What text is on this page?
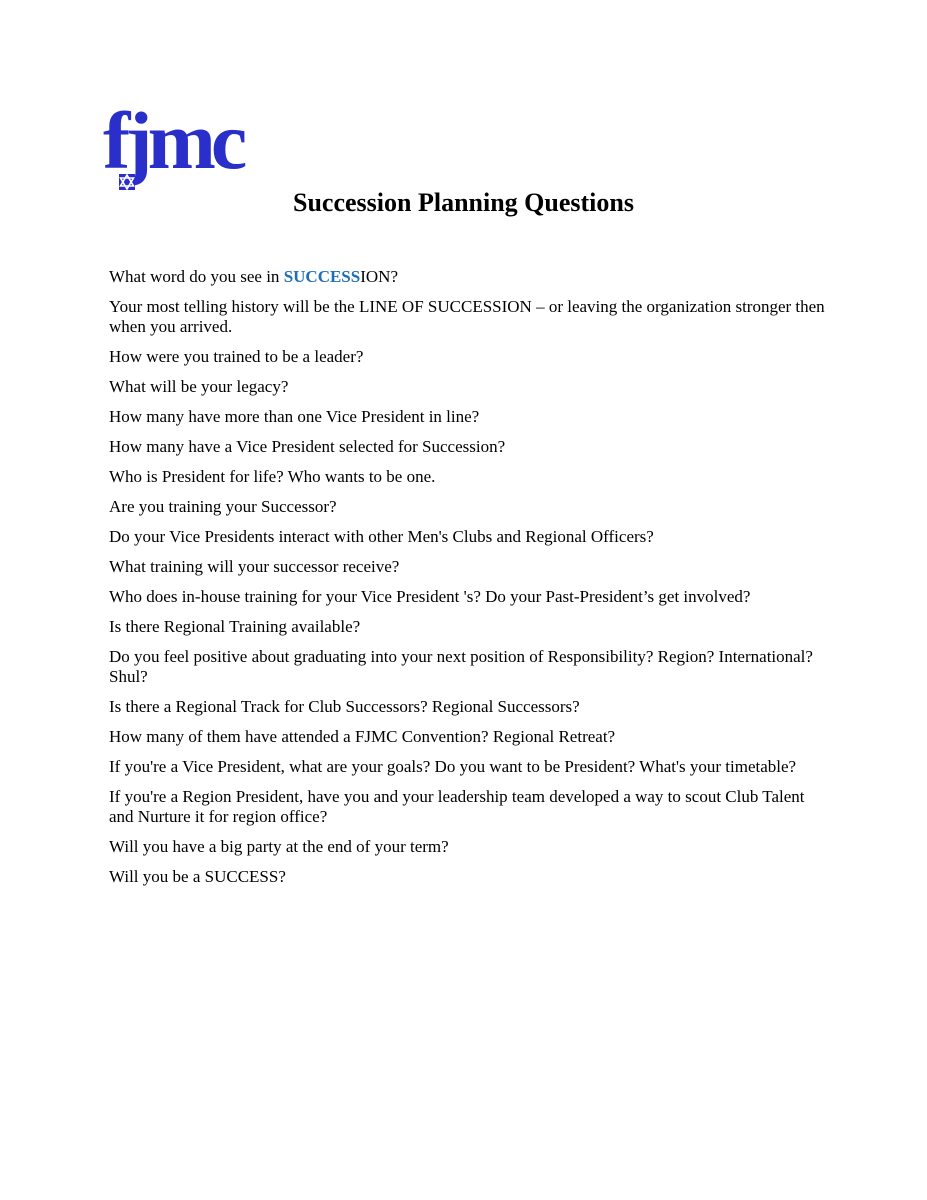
fjmc
Succession Planning Questions
What word do you see in SUCCESSION?
Your most telling history will be the LINE OF SUCCESSION – or leaving the organization stronger then when you arrived.
How were you trained to be a leader?
What will be your legacy?
How many have more than one Vice President in line?
How many have a Vice President selected for Succession?
Who is President for life? Who wants to be one.
Are you training your Successor?
Do your Vice Presidents interact with other Men's Clubs and Regional Officers?
What training will your successor receive?
Who does in-house training for your Vice President 's? Do your Past-President’s get involved?
Is there Regional Training available?
Do you feel positive about graduating into your next position of Responsibility? Region? International? Shul?
Is there a Regional Track for Club Successors? Regional Successors?
How many of them have attended a FJMC Convention? Regional Retreat?
If you're a Vice President, what are your goals? Do you want to be President? What's your timetable?
If you're a Region President, have you and your leadership team developed a way to scout Club Talent and Nurture it for region office?
Will you have a big party at the end of your term?
Will you be a SUCCESS?
